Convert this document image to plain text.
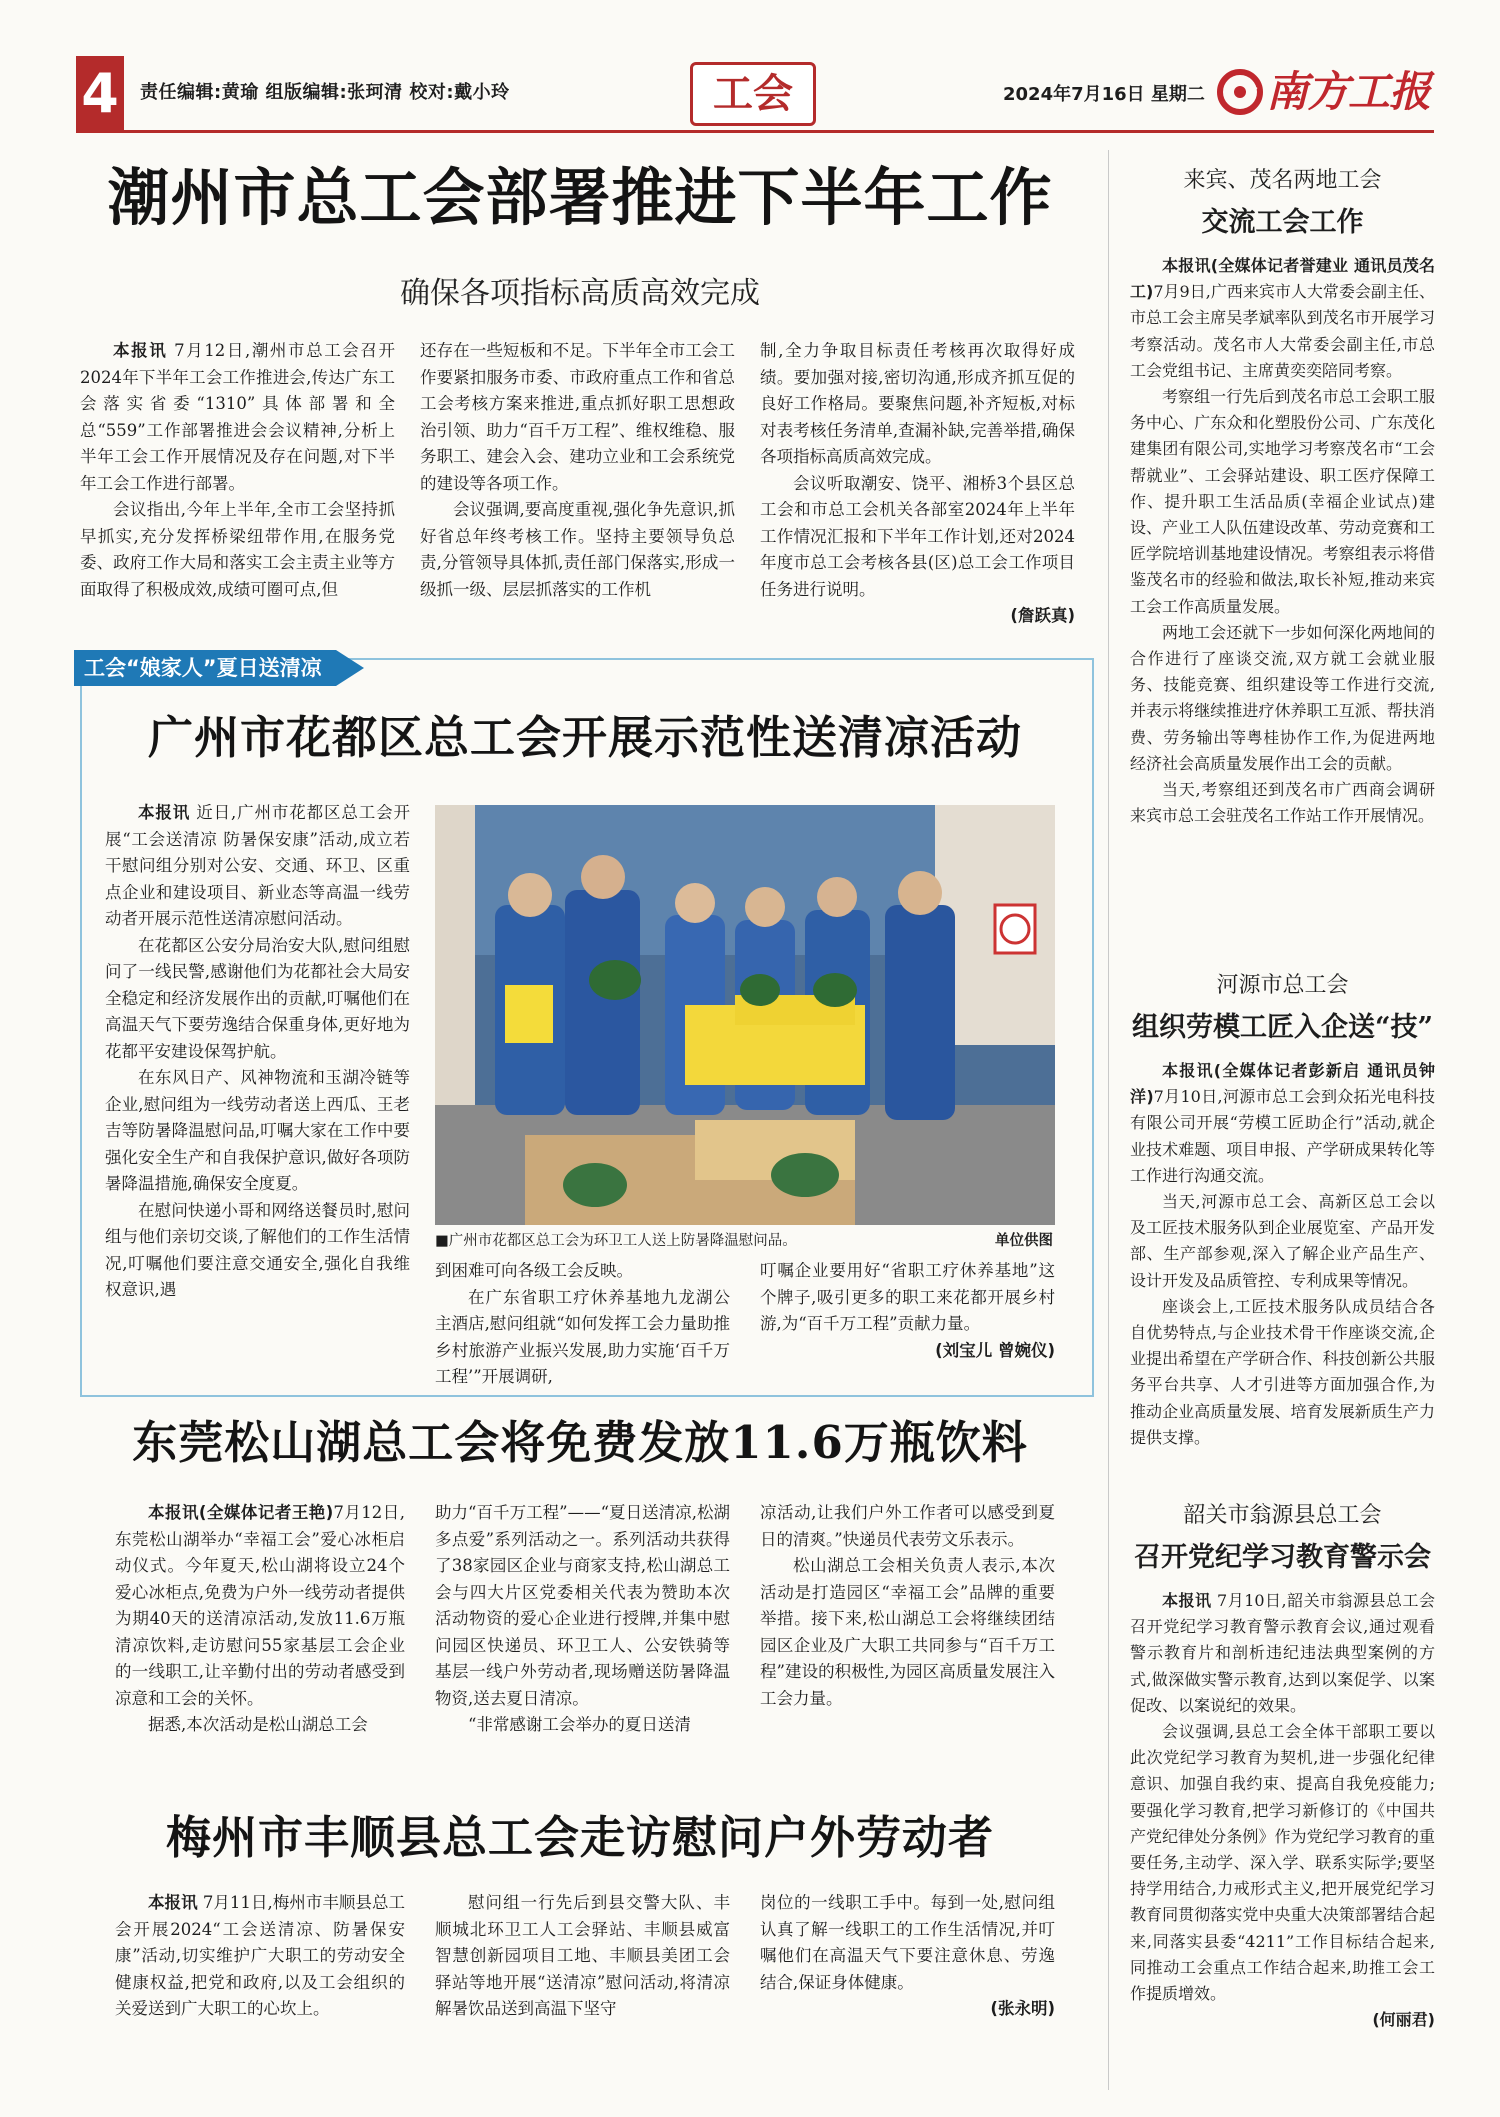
4 责任编辑:黄瑜 组版编辑:张珂清 校对:戴小玲	工会	2024年7月16日 星期二 南方工报
潮州市总工会部署推进下半年工作
确保各项指标高质高效完成

本报讯 7月12日,潮州市总工会召开2024年下半年工会工作推进会,传达广东工会落实省委“1310”具体部署和全总“559”工作部署推进会会议精神,分析上半年工会工作开展情况及存在问题,对下半年工会工作进行部署。

会议指出,今年上半年,全市工会坚持抓早抓实,充分发挥桥梁纽带作用,在服务党委、政府工作大局和落实工会主责主业等方面取得了积极成效,成绩可圈可点,但

还存在一些短板和不足。下半年全市工会工作要紧扣服务市委、市政府重点工作和省总工会考核方案来推进,重点抓好职工思想政治引领、助力“百千万工程”、维权维稳、服务职工、建会入会、建功立业和工会系统党的建设等各项工作。

会议强调,要高度重视,强化争先意识,抓好省总年终考核工作。坚持主要领导负总责,分管领导具体抓,责任部门保落实,形成一级抓一级、层层抓落实的工作机

制,全力争取目标责任考核再次取得好成绩。要加强对接,密切沟通,形成齐抓互促的良好工作格局。要聚焦问题,补齐短板,对标对表考核任务清单,查漏补缺,完善举措,确保各项指标高质高效完成。

会议听取潮安、饶平、湘桥3个县区总工会和市总工会机关各部室2024年上半年工作情况汇报和下半年工作计划,还对2024年度市总工会考核各县(区)总工会工作项目任务进行说明。

(詹跃真)
工会“娘家人”夏日送清凉
广州市花都区总工会开展示范性送清凉活动

本报讯 近日,广州市花都区总工会开展“工会送清凉 防暑保安康”活动,成立若干慰问组分别对公安、交通、环卫、区重点企业和建设项目、新业态等高温一线劳动者开展示范性送清凉慰问活动。

在花都区公安分局治安大队,慰问组慰问了一线民警,感谢他们为花都社会大局安全稳定和经济发展作出的贡献,叮嘱他们在高温天气下要劳逸结合保重身体,更好地为花都平安建设保驾护航。

在东风日产、风神物流和玉湖冷链等企业,慰问组为一线劳动者送上西瓜、王老吉等防暑降温慰问品,叮嘱大家在工作中要强化安全生产和自我保护意识,做好各项防暑降温措施,确保安全度夏。

在慰问快递小哥和网络送餐员时,慰问组与他们亲切交谈,了解他们的工作生活情况,叮嘱他们要注意交通安全,强化自我维权意识,遇

■广州市花都区总工会为环卫工人送上防暑降温慰问品。	单位供图

到困难可向各级工会反映。

在广东省职工疗休养基地九龙湖公主酒店,慰问组就“如何发挥工会力量助推乡村旅游产业振兴发展,助力实施‘百千万工程’”开展调研,

叮嘱企业要用好“省职工疗休养基地”这个牌子,吸引更多的职工来花都开展乡村游,为“百千万工程”贡献力量。

(刘宝儿 曾婉仪)
东莞松山湖总工会将免费发放11.6万瓶饮料

本报讯(全媒体记者王艳)7月12日,东莞松山湖举办“幸福工会”爱心冰柜启动仪式。今年夏天,松山湖将设立24个爱心冰柜点,免费为户外一线劳动者提供为期40天的送清凉活动,发放11.6万瓶清凉饮料,走访慰问55家基层工会企业的一线职工,让辛勤付出的劳动者感受到凉意和工会的关怀。

据悉,本次活动是松山湖总工会

助力“百千万工程”——“夏日送清凉,松湖多点爱”系列活动之一。系列活动共获得了38家园区企业与商家支持,松山湖总工会与四大片区党委相关代表为赞助本次活动物资的爱心企业进行授牌,并集中慰问园区快递员、环卫工人、公安铁骑等基层一线户外劳动者,现场赠送防暑降温物资,送去夏日清凉。

“非常感谢工会举办的夏日送清

凉活动,让我们户外工作者可以感受到夏日的清爽。”快递员代表劳文乐表示。

松山湖总工会相关负责人表示,本次活动是打造园区“幸福工会”品牌的重要举措。接下来,松山湖总工会将继续团结园区企业及广大职工共同参与“百千万工程”建设的积极性,为园区高质量发展注入工会力量。

梅州市丰顺县总工会走访慰问户外劳动者

本报讯 7月11日,梅州市丰顺县总工会开展2024“工会送清凉、防暑保安康”活动,切实维护广大职工的劳动安全健康权益,把党和政府,以及工会组织的关爱送到广大职工的心坎上。

慰问组一行先后到县交警大队、丰顺城北环卫工人工会驿站、丰顺县威富智慧创新园项目工地、丰顺县美团工会驿站等地开展“送清凉”慰问活动,将清凉解暑饮品送到高温下坚守

岗位的一线职工手中。每到一处,慰问组认真了解一线职工的工作生活情况,并叮嘱他们在高温天气下要注意休息、劳逸结合,保证身体健康。

(张永明)
来宾、茂名两地工会
交流工会工作

本报讯(全媒体记者誉建业 通讯员茂名工)7月9日,广西来宾市人大常委会副主任、市总工会主席吴孝斌率队到茂名市开展学习考察活动。茂名市人大常委会副主任,市总工会党组书记、主席黄奕奕陪同考察。

考察组一行先后到茂名市总工会职工服务中心、广东众和化塑股份公司、广东茂化建集团有限公司,实地学习考察茂名市“工会帮就业”、工会驿站建设、职工医疗保障工作、提升职工生活品质(幸福企业试点)建设、产业工人队伍建设改革、劳动竞赛和工匠学院培训基地建设情况。考察组表示将借鉴茂名市的经验和做法,取长补短,推动来宾工会工作高质量发展。

两地工会还就下一步如何深化两地间的合作进行了座谈交流,双方就工会就业服务、技能竞赛、组织建设等工作进行交流,并表示将继续推进疗休养职工互派、帮扶消费、劳务输出等粤桂协作工作,为促进两地经济社会高质量发展作出工会的贡献。

当天,考察组还到茂名市广西商会调研来宾市总工会驻茂名工作站工作开展情况。

河源市总工会
组织劳模工匠入企送“技”

本报讯(全媒体记者彭新启 通讯员钟洋)7月10日,河源市总工会到众拓光电科技有限公司开展“劳模工匠助企行”活动,就企业技术难题、项目申报、产学研成果转化等工作进行沟通交流。

当天,河源市总工会、高新区总工会以及工匠技术服务队到企业展览室、产品开发部、生产部参观,深入了解企业产品生产、设计开发及品质管控、专利成果等情况。

座谈会上,工匠技术服务队成员结合各自优势特点,与企业技术骨干作座谈交流,企业提出希望在产学研合作、科技创新公共服务平台共享、人才引进等方面加强合作,为推动企业高质量发展、培育发展新质生产力提供支撑。

韶关市翁源县总工会
召开党纪学习教育警示会

本报讯 7月10日,韶关市翁源县总工会召开党纪学习教育警示教育会议,通过观看警示教育片和剖析违纪违法典型案例的方式,做深做实警示教育,达到以案促学、以案促改、以案说纪的效果。

会议强调,县总工会全体干部职工要以此次党纪学习教育为契机,进一步强化纪律意识、加强自我约束、提高自我免疫能力;要强化学习教育,把学习新修订的《中国共产党纪律处分条例》作为党纪学习教育的重要任务,主动学、深入学、联系实际学;要坚持学用结合,力戒形式主义,把开展党纪学习教育同贯彻落实党中央重大决策部署结合起来,同落实县委“4211”工作目标结合起来,同推动工会重点工作结合起来,助推工会工作提质增效。

(何丽君)
